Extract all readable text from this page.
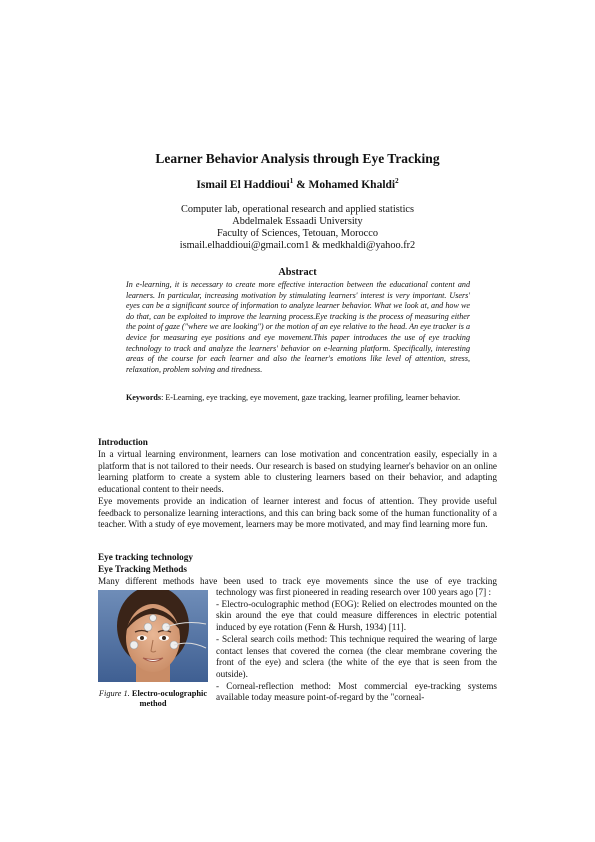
Learner Behavior Analysis through Eye Tracking
Ismail El Haddioui$^1$ & Mohamed Khaldi$^2$
Computer lab, operational research and applied statistics
Abdelmalek Essaadi University
Faculty of Sciences, Tetouan, Morocco
ismail.elhaddioui@gmail.com1 & medkhaldi@yahoo.fr2
Abstract
In e-learning, it is necessary to create more effective interaction between the educational content and learners. In particular, increasing motivation by stimulating learners' interest is very important. Users' eyes can be a significant source of information to analyze learner behavior. What we look at, and how we do that, can be exploited to improve the learning process.Eye tracking is the process of measuring either the point of gaze ("where we are looking") or the motion of an eye relative to the head. An eye tracker is a device for measuring eye positions and eye movement.This paper introduces the use of eye tracking technology to track and analyze the learners' behavior on e-learning platform. Specifically, interesting areas of the course for each learner and also the learner's emotions like level of attention, stress, relaxation, problem solving and tiredness.
Keywords: E-Learning, eye tracking, eye movement, gaze tracking, learner profiling, learner behavior.
Introduction

In a virtual learning environment, learners can lose motivation and concentration easily, especially in a platform that is not tailored to their needs. Our research is based on studying learner's behavior on an online learning platform to create a system able to clustering learners based on their behavior, and adapting educational content to their needs.

Eye movements provide an indication of learner interest and focus of attention. They provide useful feedback to personalize learning interactions, and this can bring back some of the human functionality of a teacher. With a study of eye movement, learners may be more motivated, and may find learning more fun.

Eye tracking technology
Eye Tracking Methods
Many different methods have been used to track eye movements since the use of eye tracking
Figure 1. Electro-oculographic method

technology was first pioneered in reading research over 100 years ago [7] :

- Electro-oculographic method (EOG): Relied on electrodes mounted on the skin around the eye that could measure differences in electric potential induced by eye rotation (Fenn & Hursh, 1934) [11].

- Scleral search coils method: This technique required the wearing of large contact lenses that covered the cornea (the clear membrane covering the front of the eye) and sclera (the white of the eye that is seen from the outside).

- Corneal-reflection method: Most commercial eye-tracking systems available today measure point-of-regard by the "corneal-
